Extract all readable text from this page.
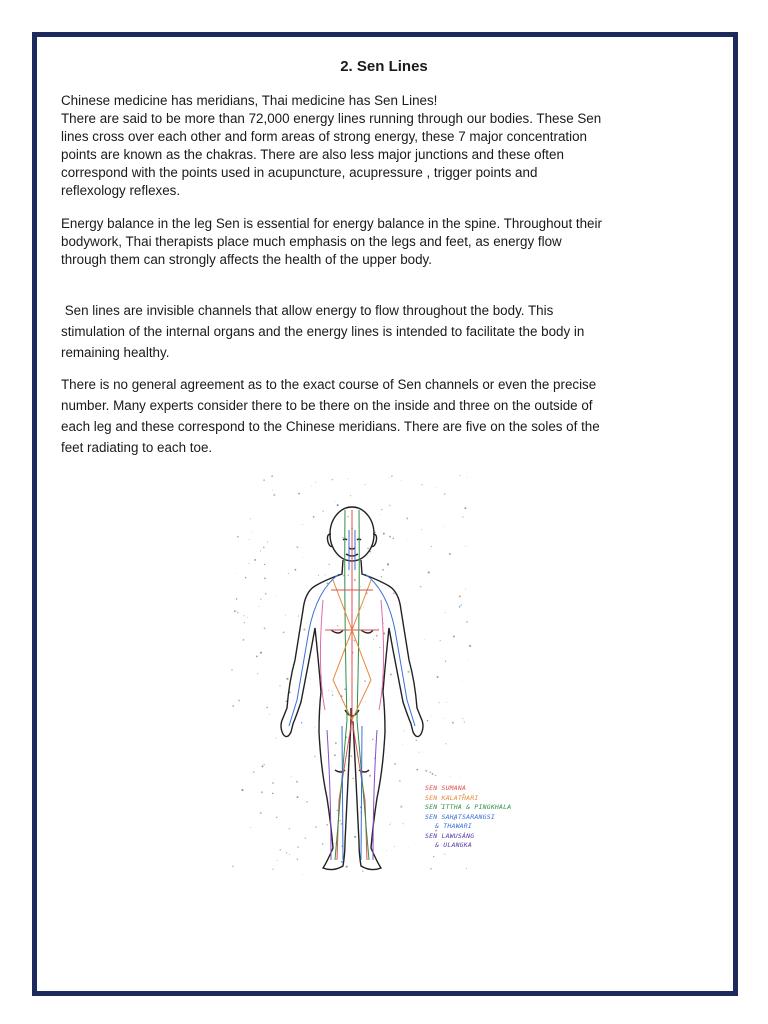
2. Sen Lines

Chinese medicine has meridians, Thai medicine has Sen Lines!
There are said to be more than 72,000 energy lines running through our bodies. These Sen
lines cross over each other and form areas of strong energy, these 7 major concentration
points are known as the chakras. There are also less major junctions and these often
correspond with the points used in acupuncture, acupressure , trigger points and
reflexology reflexes.

Energy balance in the leg Sen is essential for energy balance in the spine. Throughout their
bodywork, Thai therapists place much emphasis on the legs and feet, as energy flow
through them can strongly affects the health of the upper body.

Sen lines are invisible channels that allow energy to flow throughout the body. This
stimulation of the internal organs and the energy lines is intended to facilitate the body in
remaining healthy.

There is no general agreement as to the exact course of Sen channels or even the precise
number. Many experts consider there to be there on the inside and three on the outside of
each leg and these correspond to the Chinese meridians. There are five on the soles of the
feet radiating to each toe.

SEN SUMANA
SEN KALATHARI
SEN ITTHA & PINGKHALA
SEN SAHATSARANGSI
& THAWARI
SEN LAWUSANG
& ULANGKA
